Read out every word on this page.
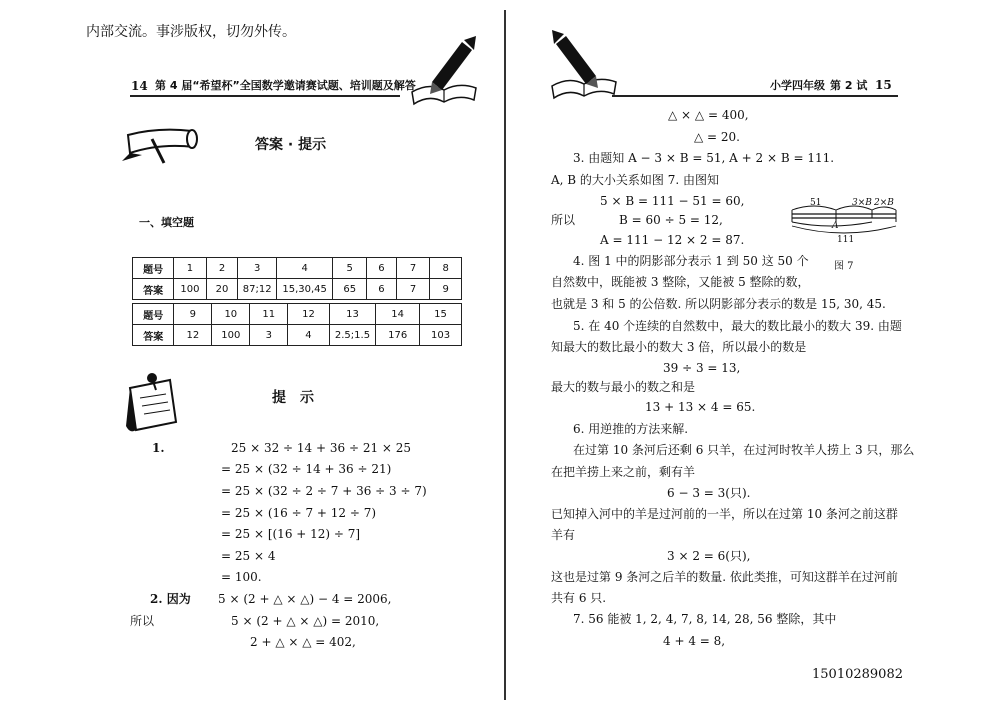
内部交流。事涉版权，切勿外传。
14 第 4 届“希望杯”全国数学邀请赛试题、培训题及解答	小学四年级 第 2 试 15
答案 · 提示
一、填空题
题号	1	2	3	4	5	6	7	8
答案	100	20	87;12	15,30,45	65	6	7	9
题号	9	10	11	12	13	14	15
答案	12	100	3	4	2.5;1.5	176	103
提　示
1.	25 × 32 ÷ 14 + 36 ÷ 21 × 25
= 25 × (32 ÷ 14 + 36 ÷ 21)
= 25 × (32 ÷ 2 ÷ 7 + 36 ÷ 3 ÷ 7)
= 25 × (16 ÷ 7 + 12 ÷ 7)
= 25 × [(16 + 12) ÷ 7]
= 25 × 4
= 100.
2. 因为 5 × (2 + △ × △) − 4 = 2006,
所以	5 × (2 + △ × △) = 2010,
2 + △ × △ = 402,
△ × △ = 400,
△ = 20.
3. 由题知 A − 3 × B = 51, A + 2 × B = 111.
A, B 的大小关系如图 7. 由图知
5 × B = 111 − 51 = 60,
所以	B = 60 ÷ 5 = 12,
A = 111 − 12 × 2 = 87.
4. 图 1 中的阴影部分表示 1 到 50 这 50 个
自然数中，既能被 3 整除，又能被 5 整除的数，
也就是 3 和 5 的公倍数. 所以阴影部分表示的数是 15, 30, 45.
5. 在 40 个连续的自然数中，最大的数比最小的数大 39. 由题
知最大的数比最小的数大 3 倍，所以最小的数是
39 ÷ 3 = 13,
最大的数与最小的数之和是
13 + 13 × 4 = 65.
6. 用逆推的方法来解.
在过第 10 条河后还剩 6 只羊，在过河时牧羊人捞上 3 只，那么
在把羊捞上来之前，剩有羊
6 − 3 = 3(只).
已知掉入河中的羊是过河前的一半，所以在过第 10 条河之前这群
羊有
3 × 2 = 6(只),
这也是过第 9 条河之后羊的数量. 依此类推，可知这群羊在过河前
共有 6 只.
7. 56 能被 1, 2, 4, 7, 8, 14, 28, 56 整除，其中
4 + 4 = 8,
51	3×B 2×B
A
111
图 7
15010289082
